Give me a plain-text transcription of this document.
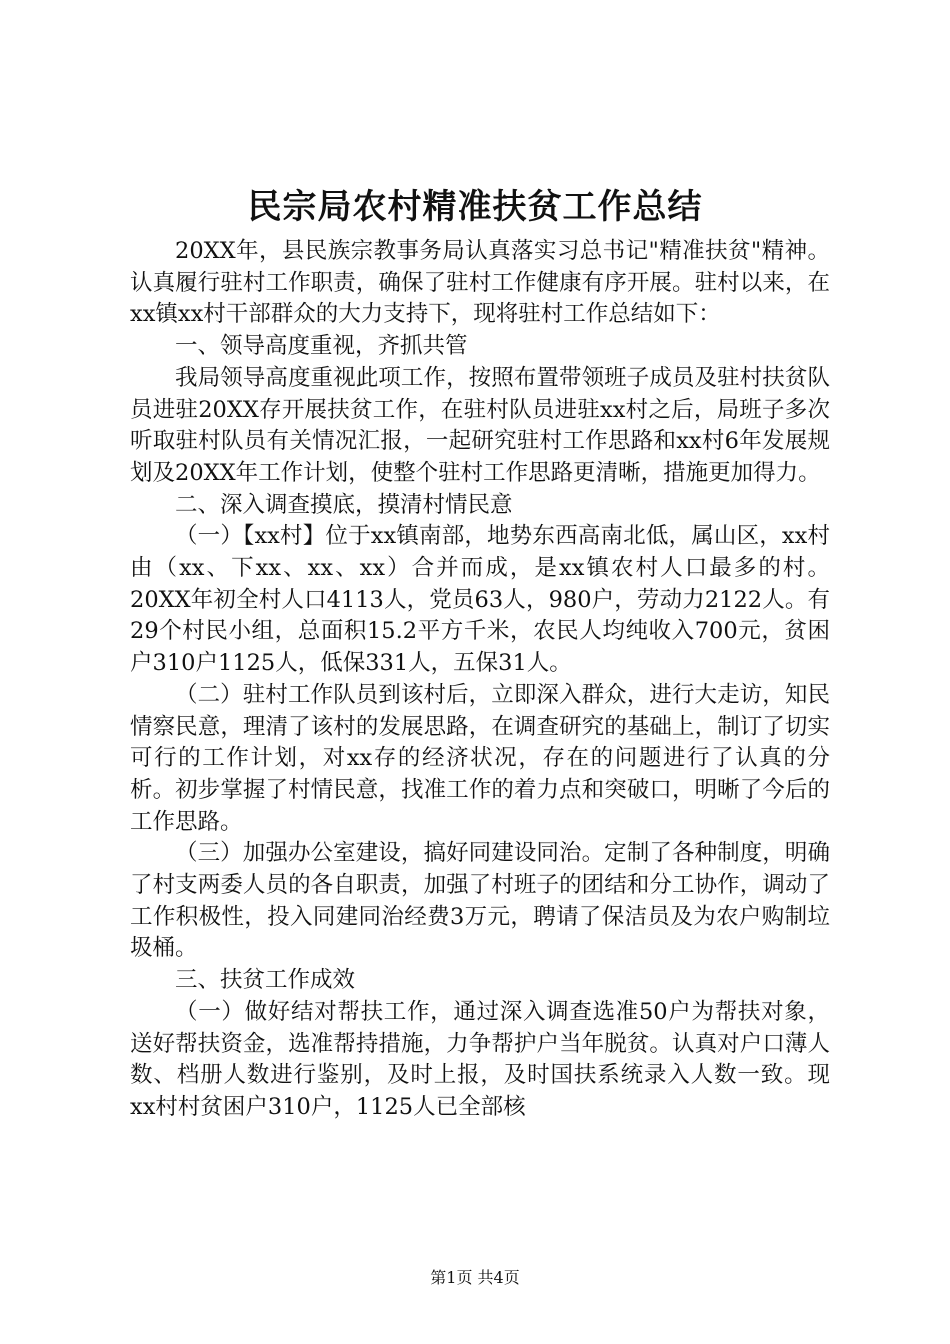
民宗局农村精准扶贫工作总结

20XX年，县民族宗教事务局认真落实习总书记"精准扶贫"精神。认真履行驻村工作职责，确保了驻村工作健康有序开展。驻村以来，在xx镇xx村干部群众的大力支持下，现将驻村工作总结如下：

一、领导高度重视，齐抓共管

我局领导高度重视此项工作，按照布置带领班子成员及驻村扶贫队员进驻20XX存开展扶贫工作，在驻村队员进驻xx村之后，局班子多次听取驻村队员有关情况汇报，一起研究驻村工作思路和xx村6年发展规划及20XX年工作计划，使整个驻村工作思路更清晰，措施更加得力。

二、深入调查摸底，摸清村情民意

（一）【xx村】位于xx镇南部，地势东西高南北低，属山区，xx村由（xx、下xx、xx、xx）合并而成，是xx镇农村人口最多的村。20XX年初全村人口4113人，党员63人，980户，劳动力2122人。有29个村民小组，总面积15.2平方千米，农民人均纯收入700元，贫困户310户1125人，低保331人，五保31人。

（二）驻村工作队员到该村后，立即深入群众，进行大走访，知民情察民意，理清了该村的发展思路，在调查研究的基础上，制订了切实可行的工作计划，对xx存的经济状况，存在的问题进行了认真的分析。初步掌握了村情民意，找准工作的着力点和突破口，明晰了今后的工作思路。

（三）加强办公室建设，搞好同建设同治。定制了各种制度，明确了村支两委人员的各自职责，加强了村班子的团结和分工协作，调动了工作积极性，投入同建同治经费3万元，聘请了保洁员及为农户购制垃圾桶。

三、扶贫工作成效

（一）做好结对帮扶工作，通过深入调查选准50户为帮扶对象，送好帮扶资金，选准帮持措施，力争帮护户当年脱贫。认真对户口薄人数、档册人数进行鉴别，及时上报，及时国扶系统录入人数一致。现xx村村贫困户310户，1125人已全部核

第1页 共4页
